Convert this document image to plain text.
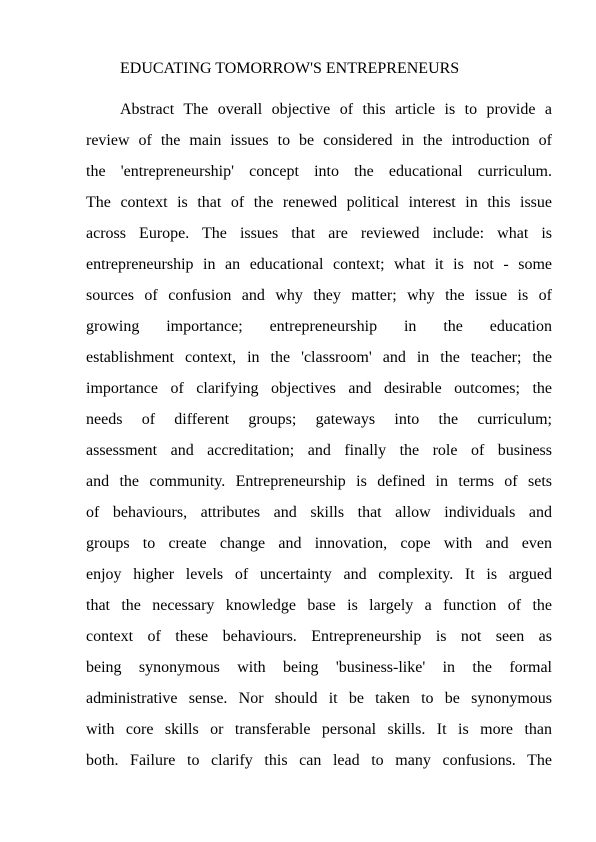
EDUCATING TOMORROW'S ENTREPRENEURS
Abstract The overall objective of this article is to provide a
review of the main issues to be considered in the introduction of
the 'entrepreneurship' concept into the educational curriculum.
The context is that of the renewed political interest in this issue
across Europe. The issues that are reviewed include: what is
entrepreneurship in an educational context; what it is not - some
sources of confusion and why they matter; why the issue is of
growing importance; entrepreneurship in the education
establishment context, in the 'classroom' and in the teacher; the
importance of clarifying objectives and desirable outcomes; the
needs of different groups; gateways into the curriculum;
assessment and accreditation; and finally the role of business
and the community. Entrepreneurship is defined in terms of sets
of behaviours, attributes and skills that allow individuals and
groups to create change and innovation, cope with and even
enjoy higher levels of uncertainty and complexity. It is argued
that the necessary knowledge base is largely a function of the
context of these behaviours. Entrepreneurship is not seen as
being synonymous with being 'business-like' in the formal
administrative sense. Nor should it be taken to be synonymous
with core skills or transferable personal skills. It is more than
both. Failure to clarify this can lead to many confusions. The
